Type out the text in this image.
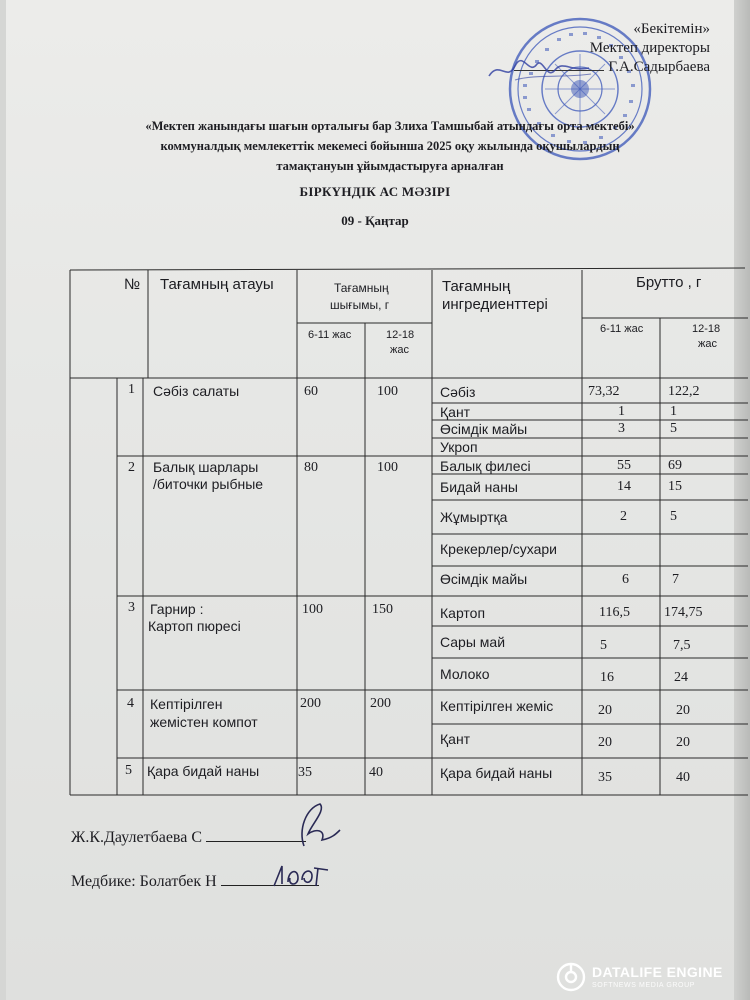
«Бекітемін»
Мектеп директоры
Г.А.Садырбаева
«Мектеп жанындағы шағын орталығы бар Злиха Тамшыбай атындағы орта мектебі»
коммуналдық мемлекеттік мекемесі бойынша 2025 оқу жылында оқушылардың
тамақтануын ұйымдастыруға арналған
БІРКҮНДІК АС МӘЗІРІ
09 - Қаңтар
№ Тағамның атауы	Тағамның
шығымы, г
Тағамның
ингредиенттері
Брутто , г
6-11 жас	12-18
жас
6-11 жас	12-18
жас
1 Сәбіз салаты	60	100	Сәбіз	73,32	122,2
Қант	1	1
Өсімдік майы	3	5
Укроп
2 Балық шарлары
/биточки рыбные
80	100	Балық филесі	55	69
Бидай наны	14	15
Жұмыртқа	2	5
Крекерлер/сухари
Өсімдік майы	6	7
3 Гарнир :
Картоп пюресі
100	150	Картоп	116,5 174,75
Сары май	5	7,5
Молоко	16	24
4 Кептірілген
жемістен компот
200	200	Кептірілген жеміс	20	20
Қант	20	20
5 Қара бидай наны	35	40	Қара бидай наны	35	40
Ж.К.Даулетбаева С
Медбике: Болатбек Н
DATALIFE ENGINE
SOFTNEWS MEDIA GROUP
